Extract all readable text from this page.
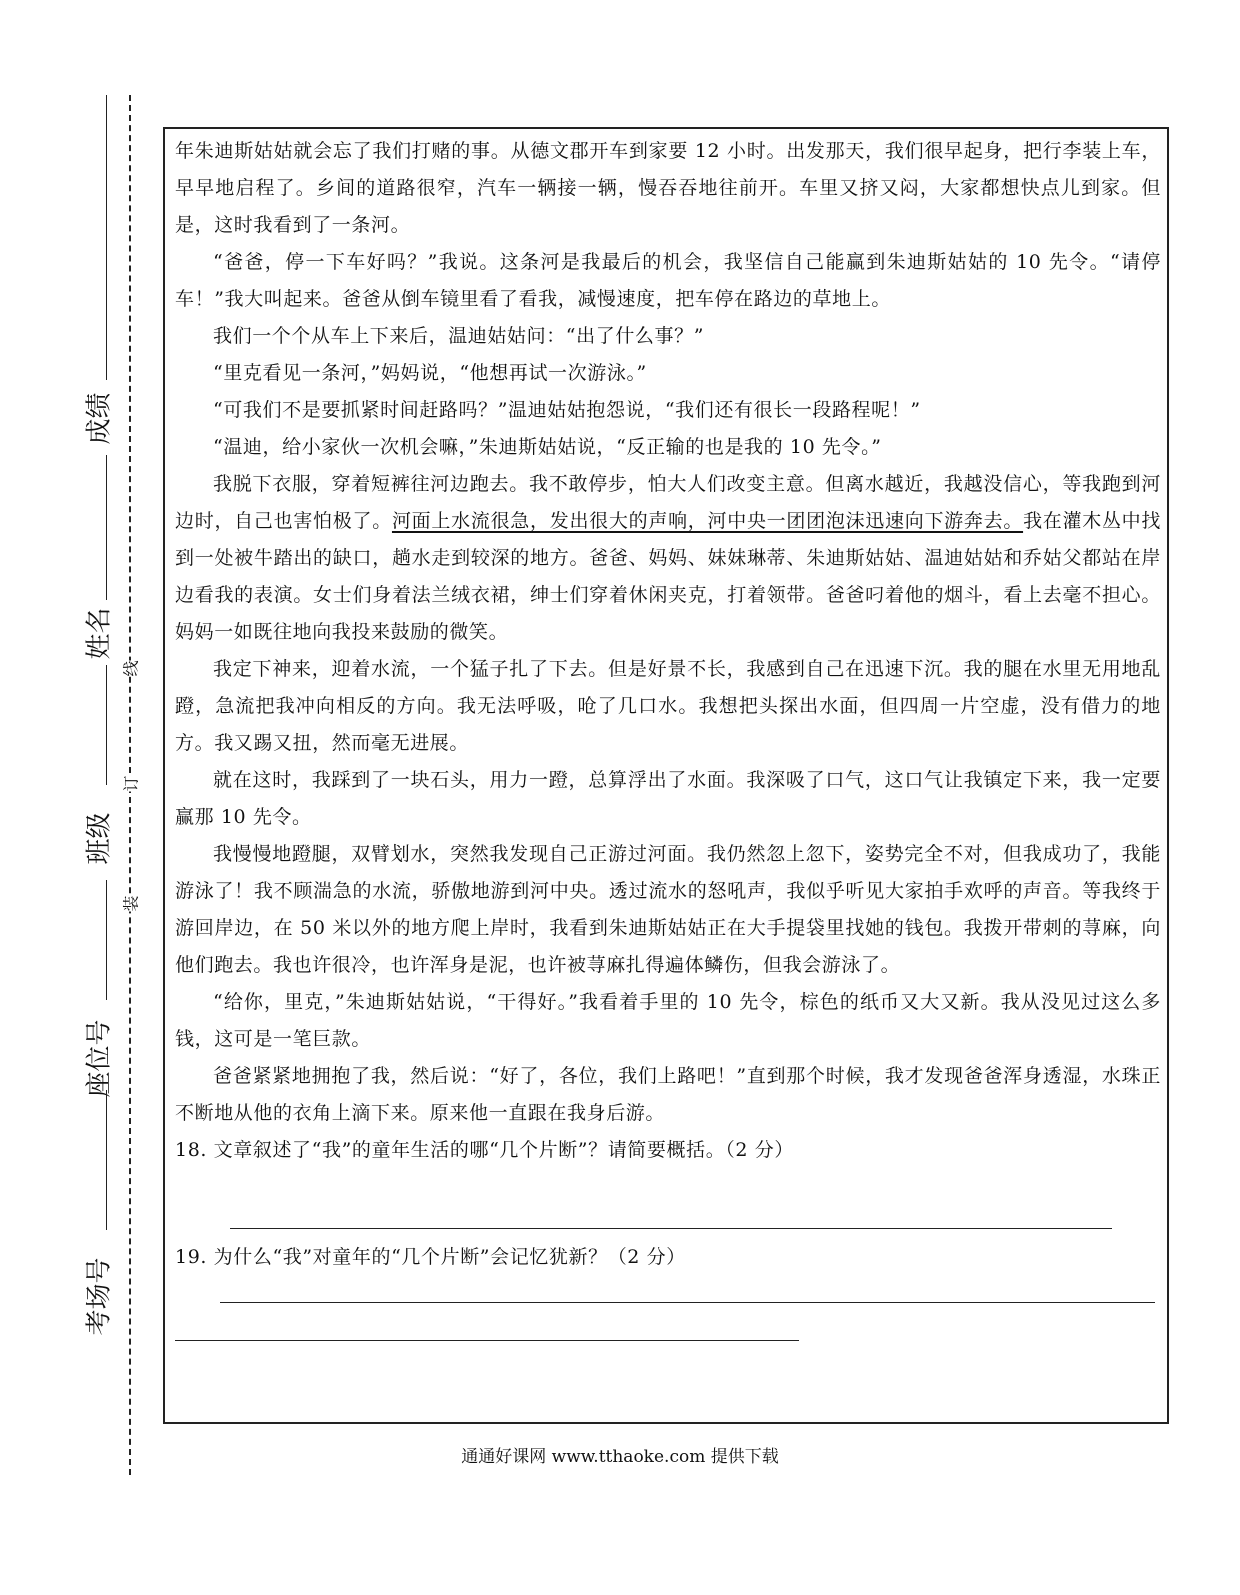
成绩
姓名
班级
座位号
考场号
线
订
装

年朱迪斯姑姑就会忘了我们打赌的事。从德文郡开车到家要 12 小时。出发那天，我们很早起身，把行李装上车，早早地启程了。乡间的道路很窄，汽车一辆接一辆，慢吞吞地往前开。车里又挤又闷，大家都想快点儿到家。但是，这时我看到了一条河。

“爸爸，停一下车好吗？”我说。这条河是我最后的机会，我坚信自己能赢到朱迪斯姑姑的 10 先令。“请停车！”我大叫起来。爸爸从倒车镜里看了看我，减慢速度，把车停在路边的草地上。

我们一个个从车上下来后，温迪姑姑问：“出了什么事？”

“里克看见一条河，”妈妈说，“他想再试一次游泳。”

“可我们不是要抓紧时间赶路吗？”温迪姑姑抱怨说，“我们还有很长一段路程呢！”

“温迪，给小家伙一次机会嘛，”朱迪斯姑姑说，“反正输的也是我的 10 先令。”

我脱下衣服，穿着短裤往河边跑去。我不敢停步，怕大人们改变主意。但离水越近，我越没信心，等我跑到河边时，自己也害怕极了。河面上水流很急，发出很大的声响，河中央一团团泡沫迅速向下游奔去。我在灌木丛中找到一处被牛踏出的缺口，趟水走到较深的地方。爸爸、妈妈、妹妹琳蒂、朱迪斯姑姑、温迪姑姑和乔姑父都站在岸边看我的表演。女士们身着法兰绒衣裙，绅士们穿着休闲夹克，打着领带。爸爸叼着他的烟斗，看上去毫不担心。妈妈一如既往地向我投来鼓励的微笑。

我定下神来，迎着水流，一个猛子扎了下去。但是好景不长，我感到自己在迅速下沉。我的腿在水里无用地乱蹬，急流把我冲向相反的方向。我无法呼吸，呛了几口水。我想把头探出水面，但四周一片空虚，没有借力的地方。我又踢又扭，然而毫无进展。

就在这时，我踩到了一块石头，用力一蹬，总算浮出了水面。我深吸了口气，这口气让我镇定下来，我一定要赢那 10 先令。

我慢慢地蹬腿，双臂划水，突然我发现自己正游过河面。我仍然忽上忽下，姿势完全不对，但我成功了，我能游泳了！我不顾湍急的水流，骄傲地游到河中央。透过流水的怒吼声，我似乎听见大家拍手欢呼的声音。等我终于游回岸边，在 50 米以外的地方爬上岸时，我看到朱迪斯姑姑正在大手提袋里找她的钱包。我拨开带刺的荨麻，向他们跑去。我也许很冷，也许浑身是泥，也许被荨麻扎得遍体鳞伤，但我会游泳了。

“给你，里克，”朱迪斯姑姑说，“干得好。”我看着手里的 10 先令，棕色的纸币又大又新。我从没见过这么多钱，这可是一笔巨款。

爸爸紧紧地拥抱了我，然后说：“好了，各位，我们上路吧！”直到那个时候，我才发现爸爸浑身透湿，水珠正不断地从他的衣角上滴下来。原来他一直跟在我身后游。

18. 文章叙述了“我”的童年生活的哪“几个片断”？请简要概括。（2 分）

19. 为什么“我”对童年的“几个片断”会记忆犹新？（2 分）

通通好课网 www.tthaoke.com 提供下载
